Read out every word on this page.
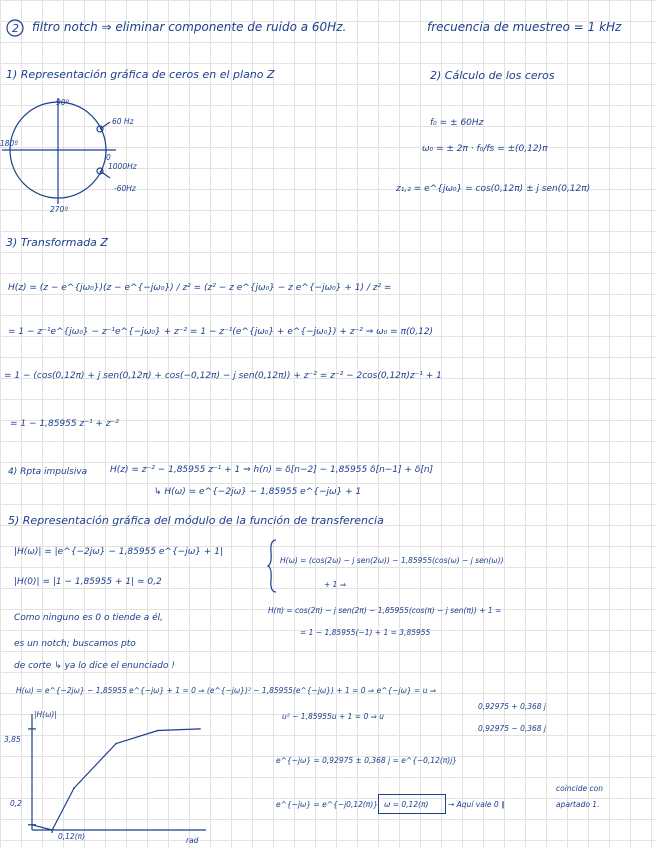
2 filtro notch ⇒ eliminar componente de ruido a 60Hz.	frecuencia de muestreo = 1 kHz
1) Representación gráfica de ceros en el plano Z
90º
180º
270º
0
1000Hz
60 Hz
-60Hz
2) Cálculo de los ceros
f₀ = ± 60Hz
ω₀ = ± 2π · f₀/fs = ±(0,12)π
z₁,₂ = e^{jω₀} = cos(0,12π) ± j sen(0,12π)
3) Transformada Z
H(z) = (z − e^{jω₀})(z − e^{−jω₀}) / z² = (z² − z e^{jω₀} − z e^{−jω₀} + 1) / z² =
= 1 − z⁻¹e^{jω₀} − z⁻¹e^{−jω₀} + z⁻² = 1 − z⁻¹(e^{jω₀} + e^{−jω₀}) + z⁻² ⇒ ω₀ = π(0,12)
= 1 − (cos(0,12π) + j sen(0,12π) + cos(−0,12π) − j sen(0,12π)) + z⁻² = z⁻² − 2cos(0,12π)z⁻¹ + 1
= 1 − 1,85955 z⁻¹ + z⁻²
4) Rpta impulsiva	H(z) = z⁻² − 1,85955 z⁻¹ + 1 ⇒ h(n) = δ[n−2] − 1,85955 δ[n−1] + δ[n]
↳ H(ω) = e^{−2jω} − 1,85955 e^{−jω} + 1
5) Representación gráfica del módulo de la función de transferencia
|H(ω)| = |e^{−2jω} − 1,85955 e^{−jω} + 1|
|H(0)| = |1 − 1,85955 + 1| ≃ 0,2
H(ω) = (cos(2ω) − j sen(2ω)) − 1,85955(cos(ω) − j sen(ω))
+ 1 ⇒
H(π) = cos(2π) − j sen(2π) − 1,85955(cos(π) − j sen(π)) + 1 =
= 1 − 1,85955(−1) + 1 = 3,85955
Como ninguno es 0 o tiende a él,
es un notch; buscamos pto
de corte ↳ ya lo dice el enunciado !
H(ω) = e^{−2jω} − 1,85955 e^{−jω} + 1 = 0 ⇒ (e^{−jω})² − 1,85955(e^{−jω}) + 1 = 0 ⇒ e^{−jω} = u ⇒
u² − 1,85955u + 1 = 0 ⇒ u
0,92975 + 0,368 j
0,92975 − 0,368 j
e^{−jω} = 0,92975 ± 0,368 j = e^{−0,12(π)j}
e^{−jω} = e^{−j0,12(π)} ω = 0,12(π)	→ Aquí vale 0 ∥
coincide con
apartado 1.
|H(ω)|
rad
3,85
0,2
0,12(π)
